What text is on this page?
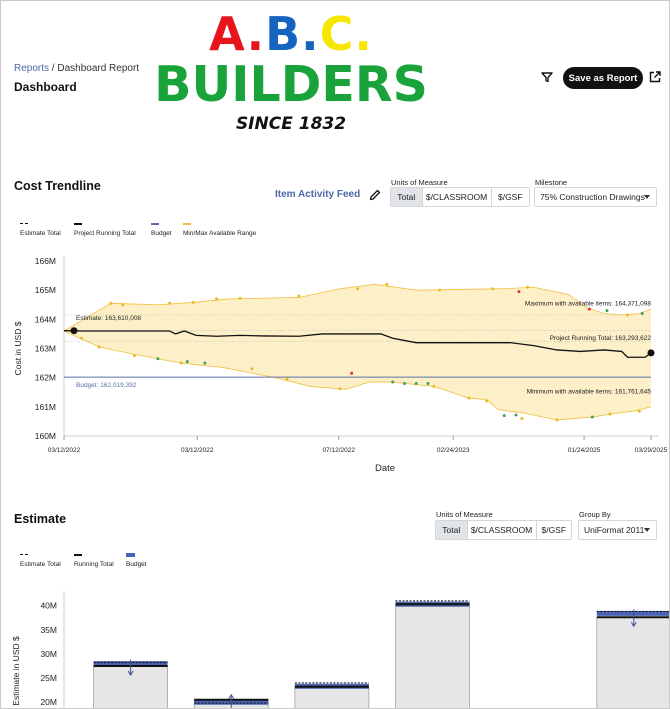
A.B.C.
BUILDERS
SINCE 1832
Reports / Dashboard Report
Dashboard
Save as Report
Cost Trendline
Item Activity Feed
Units of Measure
Total	$/CLASSROOM	$/GSF
Milestone
75% Construction Drawings
Estimate Total	Project Running Total	Budget Min/Max Available Range
160M
161M
162M
163M
164M
165M
166M
03/12/2022	03/12/2022	07/12/2022	02/24/2023	01/24/2025	03/29/2025
Date
Cost in USD $
Estimate: 163,610,008
Budget: 162,019,392
Maximum with available items: 164,371,098
Project Running Total: 163,293,622
Minimum with available items: 161,761,645
Estimate	Units of Measure
Total	$/CLASSROOM	$/GSF
Group By
UniFormat 2011
Estimate Total	Running Total	Budget
20M
25M
30M
35M
40M
Estimate in USD $
